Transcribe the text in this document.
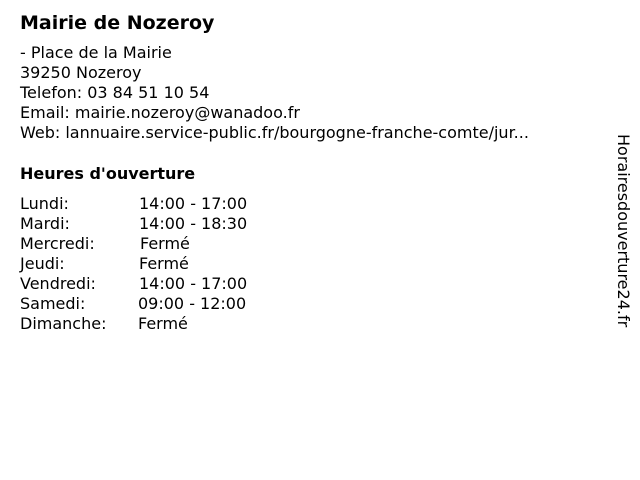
Mairie de Nozeroy
- Place de la Mairie
39250 Nozeroy
Telefon: 03 84 51 10 54
Email: mairie.nozeroy@wanadoo.fr
Web: lannuaire.service-public.fr/bourgogne-franche-comte/jur...
Heures d'ouverture
Lundi:	14:00 - 17:00
Mardi:	14:00 - 18:30
Mercredi:	Fermé
Jeudi:	Fermé
Vendredi:	14:00 - 17:00
Samedi:	09:00 - 12:00
Dimanche: Fermé	Horairesdouverture24.fr
